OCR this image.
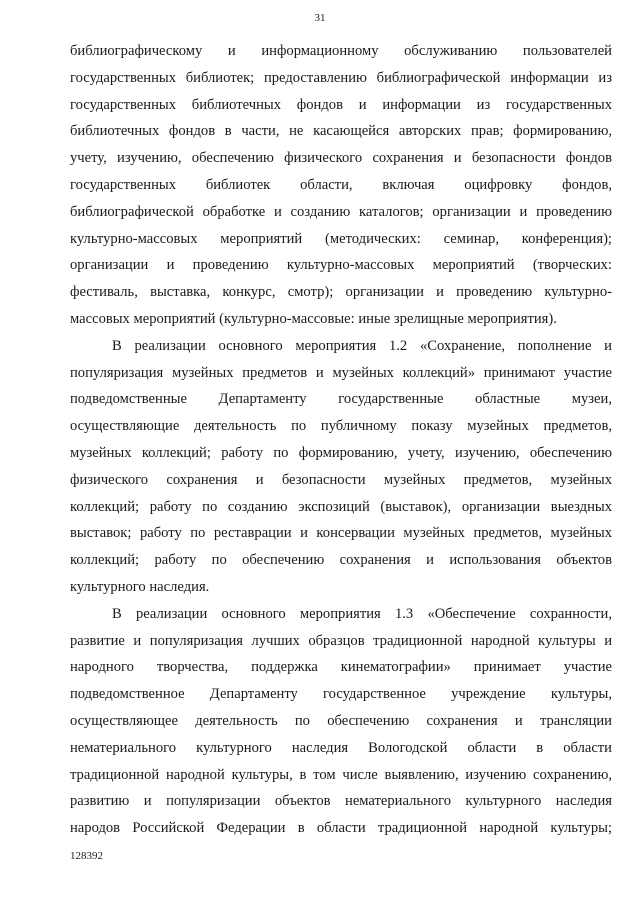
31
библиографическому и информационному обслуживанию пользователей
государственных библиотек; предоставлению библиографической информации из
государственных библиотечных фондов и информации из государственных
библиотечных фондов в части, не касающейся авторских прав; формированию,
учету, изучению, обеспечению физического сохранения и безопасности фондов
государственных библиотек области, включая оцифровку фондов,
библиографической обработке и созданию каталогов; организации и проведению
культурно-массовых мероприятий (методических: семинар, конференция);
организации и проведению культурно-массовых мероприятий (творческих:
фестиваль, выставка, конкурс, смотр); организации и проведению культурно-
массовых мероприятий (культурно-массовые: иные зрелищные мероприятия).
В реализации основного мероприятия 1.2 «Сохранение, пополнение и
популяризация музейных предметов и музейных коллекций» принимают участие
подведомственные Департаменту государственные областные музеи,
осуществляющие деятельность по публичному показу музейных предметов,
музейных коллекций; работу по формированию, учету, изучению, обеспечению
физического сохранения и безопасности музейных предметов, музейных
коллекций; работу по созданию экспозиций (выставок), организации выездных
выставок; работу по реставрации и консервации музейных предметов, музейных
коллекций; работу по обеспечению сохранения и использования объектов
культурного наследия.
В реализации основного мероприятия 1.3 «Обеспечение сохранности,
развитие и популяризация лучших образцов традиционной народной культуры и
народного творчества, поддержка кинематографии» принимает участие
подведомственное Департаменту государственное учреждение культуры,
осуществляющее деятельность по обеспечению сохранения и трансляции
нематериального культурного наследия Вологодской области в области
традиционной народной культуры, в том числе выявлению, изучению сохранению,
развитию и популяризации объектов нематериального культурного наследия
народов Российской Федерации в области традиционной народной культуры;
128392
